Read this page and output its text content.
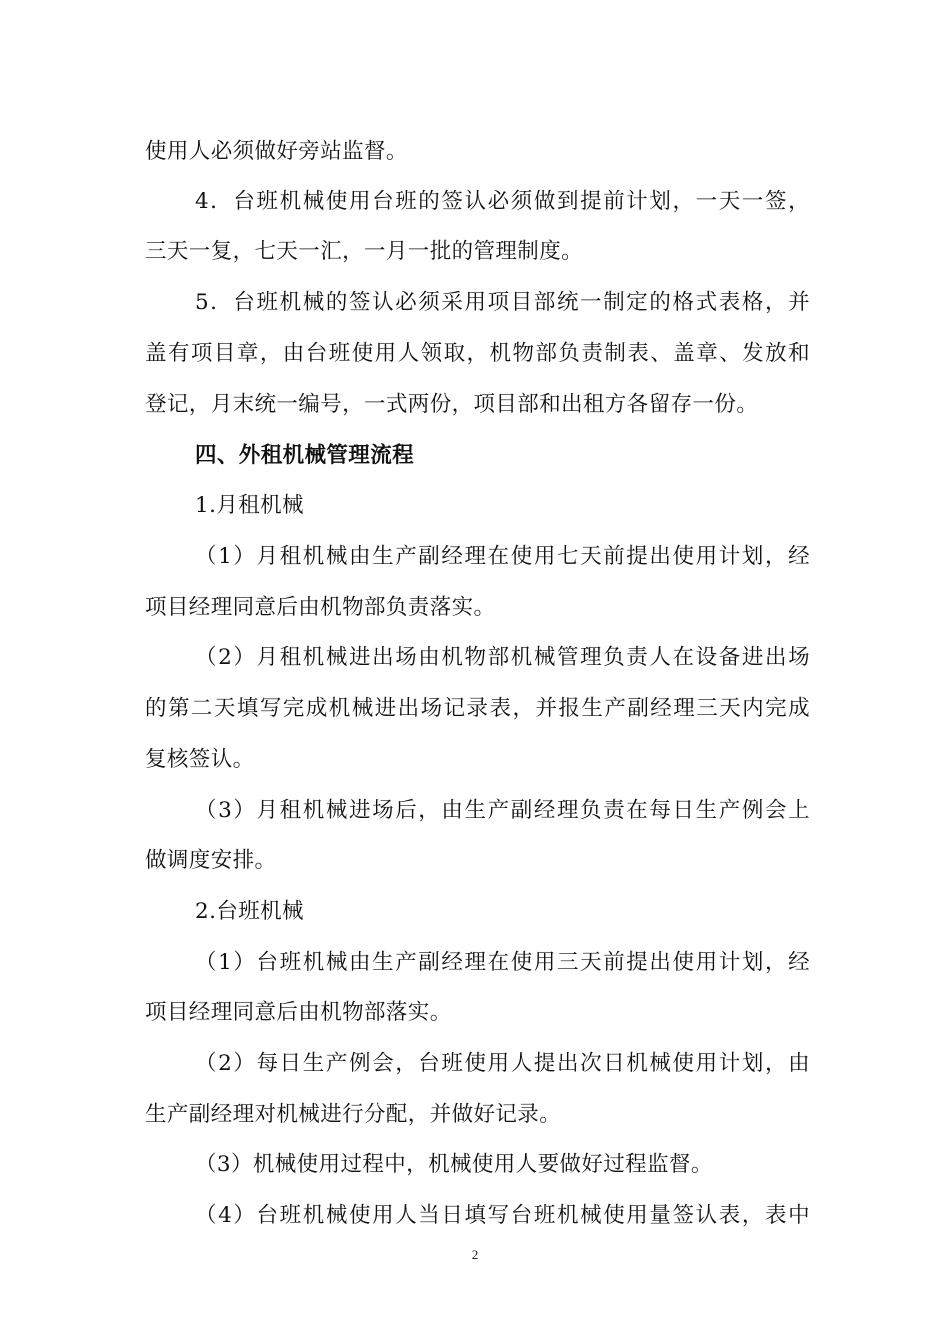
使用人必须做好旁站监督。
4．台班机械使用台班的签认必须做到提前计划，一天一签，
三天一复，七天一汇，一月一批的管理制度。
5．台班机械的签认必须采用项目部统一制定的格式表格，并
盖有项目章，由台班使用人领取，机物部负责制表、盖章、发放和
登记，月末统一编号，一式两份，项目部和出租方各留存一份。
四、外租机械管理流程
1.月租机械
（1）月租机械由生产副经理在使用七天前提出使用计划，经
项目经理同意后由机物部负责落实。
（2）月租机械进出场由机物部机械管理负责人在设备进出场
的第二天填写完成机械进出场记录表，并报生产副经理三天内完成
复核签认。
（3）月租机械进场后，由生产副经理负责在每日生产例会上
做调度安排。
2.台班机械
（1）台班机械由生产副经理在使用三天前提出使用计划，经
项目经理同意后由机物部落实。
（2）每日生产例会，台班使用人提出次日机械使用计划，由
生产副经理对机械进行分配，并做好记录。
（3）机械使用过程中，机械使用人要做好过程监督。
（4）台班机械使用人当日填写台班机械使用量签认表，表中
2
